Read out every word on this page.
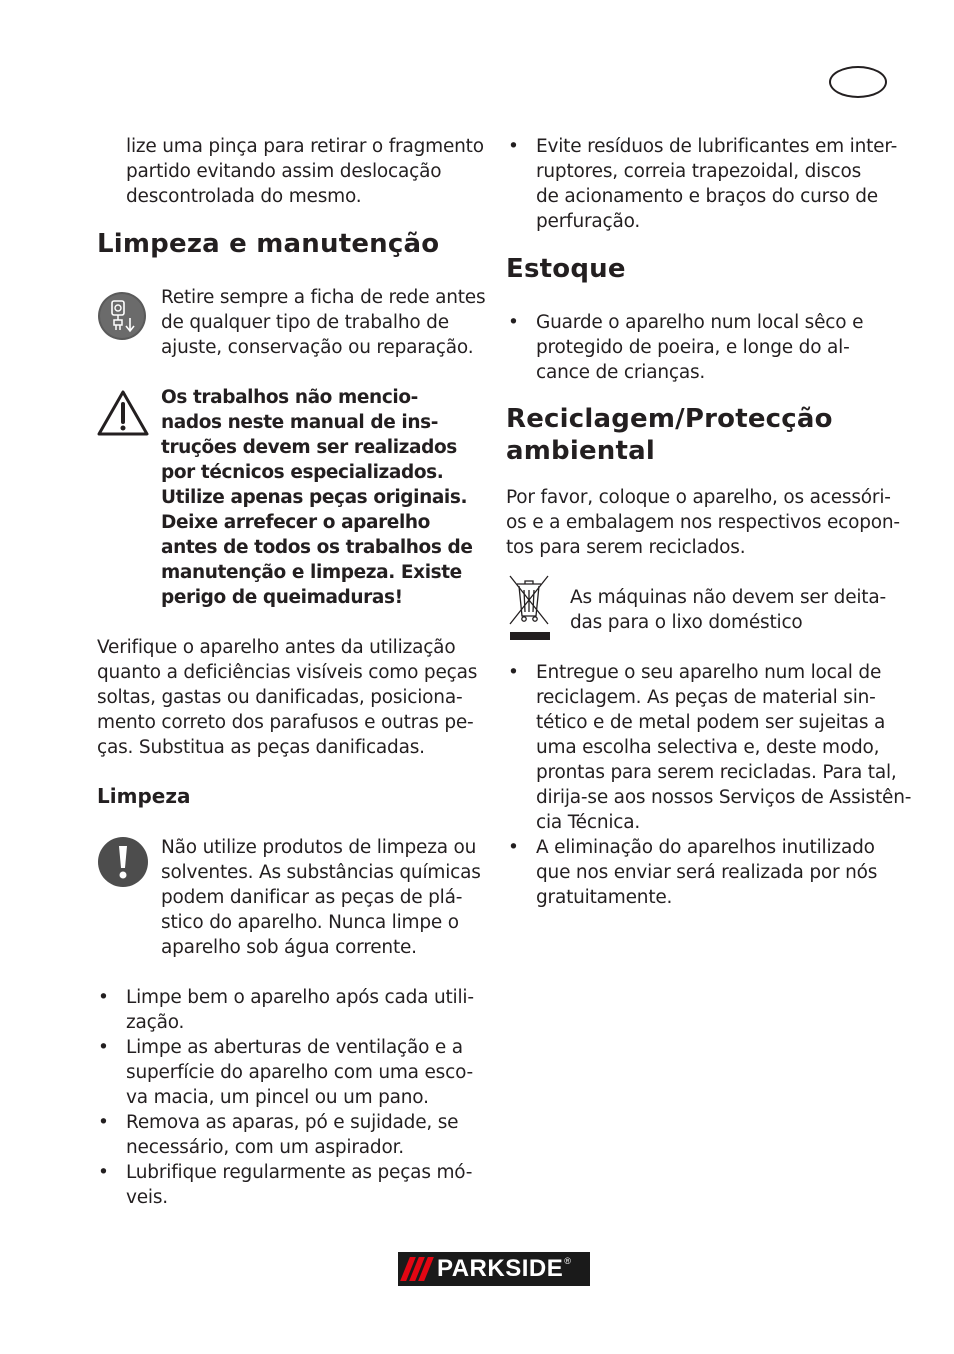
lize uma pinça para retirar o fragmento
partido evitando assim deslocação
descontrolada do mesmo.
Limpeza e manutenção
Retire sempre a ficha de rede antes
de qualquer tipo de trabalho de
ajuste, conservação ou reparação.
Os trabalhos não mencio-
nados neste manual de ins-
truções devem ser realizados
por técnicos especializados.
Utilize apenas peças originais.
Deixe arrefecer o aparelho
antes de todos os trabalhos de
manutenção e limpeza. Existe
perigo de queimaduras!
Verifique o aparelho antes da utilização
quanto a deficiências visíveis como peças
soltas, gastas ou danificadas, posiciona-
mento correto dos parafusos e outras pe-
ças. Substitua as peças danificadas.
Limpeza
Não utilize produtos de limpeza ou
solventes. As substâncias químicas
podem danificar as peças de plá-
stico do aparelho. Nunca limpe o
aparelho sob água corrente.
• Limpe bem o aparelho após cada utili-
zação.
• Limpe as aberturas de ventilação e a
superfície do aparelho com uma esco-
va macia, um pincel ou um pano.
• Remova as aparas, pó e sujidade, se
necessário, com um aspirador.
• Lubrifique regularmente as peças mó-
veis.
• Evite resíduos de lubrificantes em inter-
ruptores, correia trapezoidal, discos
de acionamento e braços do curso de
perfuração.
Estoque
• Guarde o aparelho num local sêco e
protegido de poeira, e longe do al-
cance de crianças.
Reciclagem/Protecção
ambiental
Por favor, coloque o aparelho, os acessóri-
os e a embalagem nos respectivos ecopon-
tos para serem reciclados.
As máquinas não devem ser deita-
das para o lixo doméstico
• Entregue o seu aparelho num local de
reciclagem. As peças de material sin-
tético e de metal podem ser sujeitas a
uma escolha selectiva e, deste modo,
prontas para serem recicladas. Para tal,
dirija-se aos nossos Serviços de Assistên-
cia Técnica.
• A eliminação do aparelhos inutilizado
que nos enviar será realizada por nós
gratuitamente.
PARKSIDE ®
